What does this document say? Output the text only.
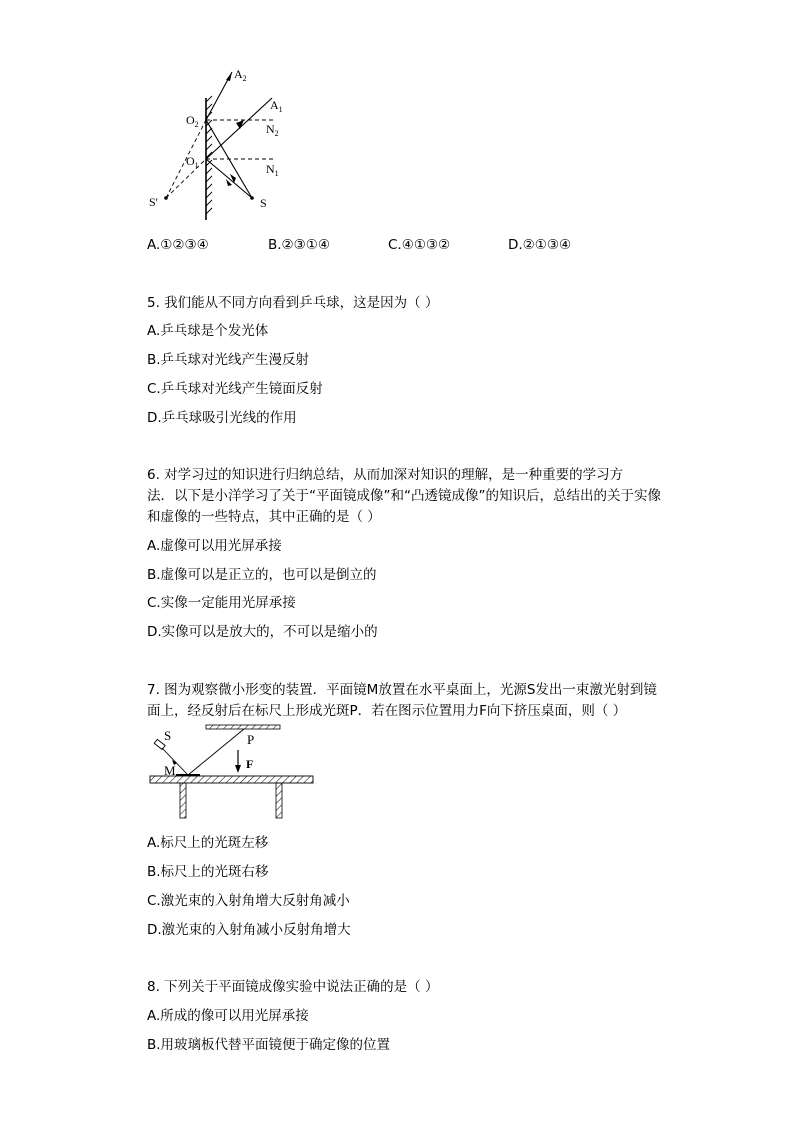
$A_2$
$A_1$
$O_2$
$O_1$
$N_2$
$N_1$
S'	S
A.①②③④	B.②③①④	C.④①③②	D.②①③④
5. 我们能从不同方向看到乒乓球，这是因为（ ）
A.乒乓球是个发光体
B.乒乓球对光线产生漫反射
C.乒乓球对光线产生镜面反射
D.乒乓球吸引光线的作用
6. 对学习过的知识进行归纳总结，从而加深对知识的理解，是一种重要的学习方
法．以下是小洋学习了关于“平面镜成像”和“凸透镜成像”的知识后，总结出的关于实像
和虚像的一些特点，其中正确的是（ ）
A.虚像可以用光屏承接
B.虚像可以是正立的，也可以是倒立的
C.实像一定能用光屏承接
D.实像可以是放大的，不可以是缩小的
7. 图为观察微小形变的装置．平面镜M放置在水平桌面上，光源S发出一束激光射到镜
面上，经反射后在标尺上形成光斑P．若在图示位置用力F向下挤压桌面，则（ ）
S	P
M	F
A.标尺上的光斑左移
B.标尺上的光斑右移
C.激光束的入射角增大反射角减小
D.激光束的入射角减小反射角增大
8. 下列关于平面镜成像实验中说法正确的是（ ）
A.所成的像可以用光屏承接
B.用玻璃板代替平面镜便于确定像的位置
